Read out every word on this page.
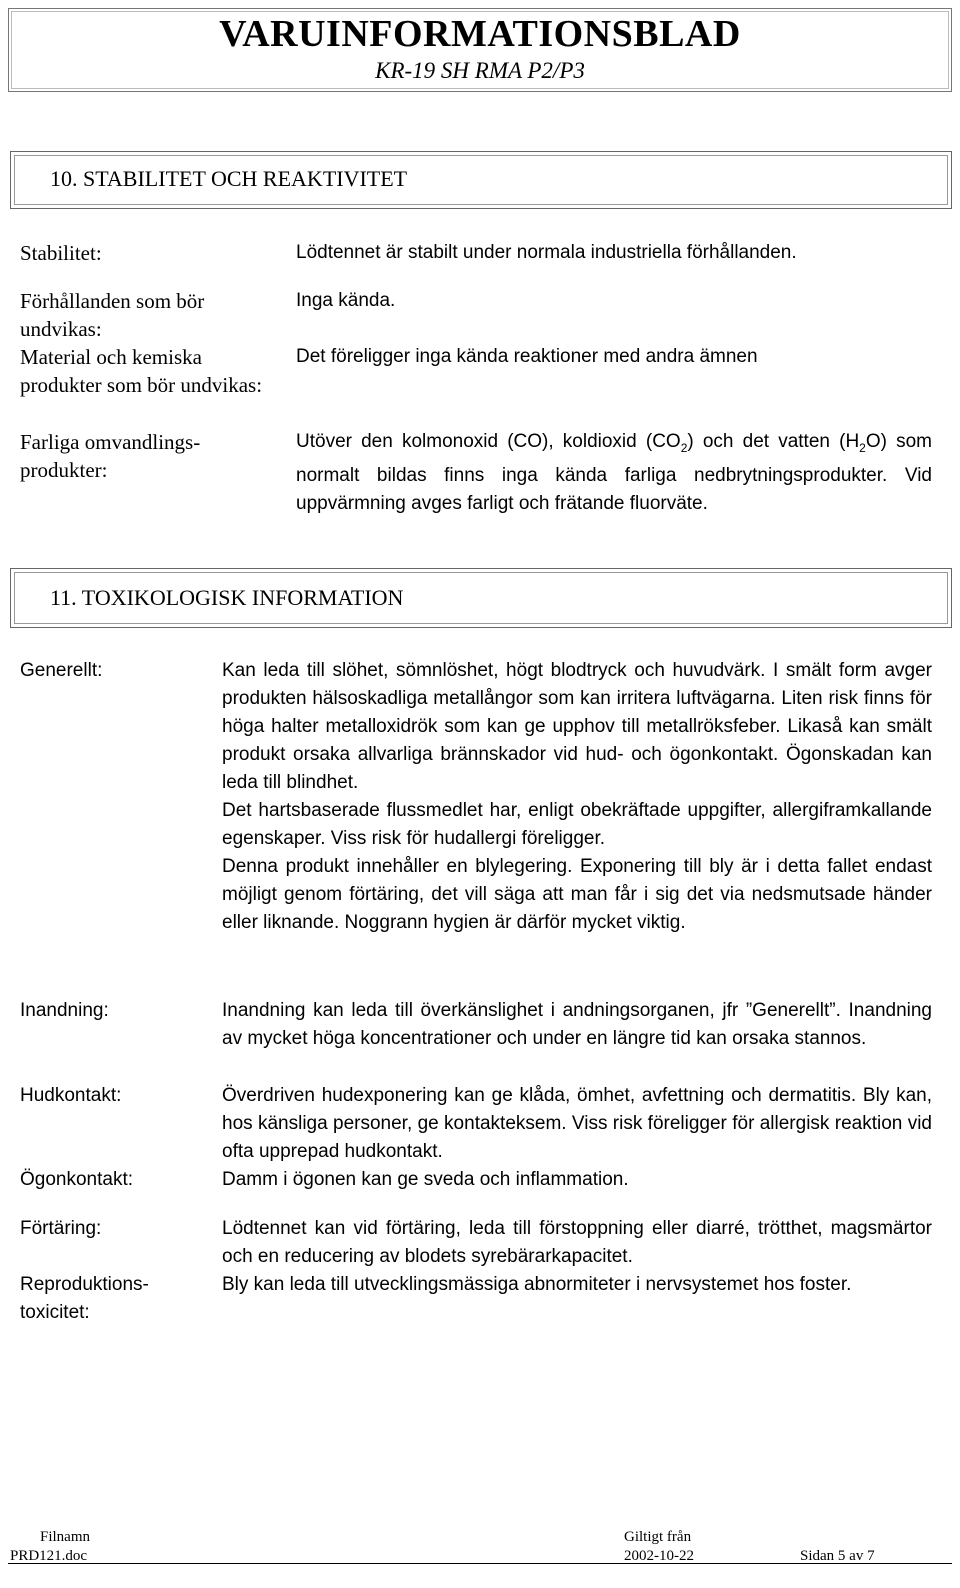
VARUINFORMATIONSBLAD
KR-19 SH RMA P2/P3
10. STABILITET OCH REAKTIVITET
Stabilitet:	Lödtennet är stabilt under normala industriella förhållanden.
Förhållanden som bör undvikas:
Inga kända.
Material och kemiska produkter som bör undvikas:
Det föreligger inga kända reaktioner med andra ämnen
Farliga omvandlings-produkter:
Utöver den kolmonoxid (CO), koldioxid $(CO_2)$ och det vatten $(H_2O)$ som normalt bildas finns inga kända farliga nedbrytningsprodukter. Vid uppvärmning avges farligt och frätande fluorväte.
11. TOXIKOLOGISK INFORMATION
Generellt:	Kan leda till slöhet, sömnlöshet, högt blodtryck och huvudvärk. I smält form avger produkten hälsoskadliga metallångor som kan irritera luftvägarna. Liten risk finns för höga halter metalloxidrök som kan ge upphov till metallröksfeber. Likaså kan smält produkt orsaka allvarliga brännskador vid hud- och ögonkontakt. Ögonskadan kan leda till blindhet.
Det hartsbaserade flussmedlet har, enligt obekräftade uppgifter, allergiframkallande egenskaper. Viss risk för hudallergi föreligger.
Denna produkt innehåller en blylegering. Exponering till bly är i detta fallet endast möjligt genom förtäring, det vill säga att man får i sig det via nedsmutsade händer eller liknande. Noggrann hygien är därför mycket viktig.
Inandning:	Inandning kan leda till överkänslighet i andningsorganen, jfr ”Generellt”. Inandning av mycket höga koncentrationer och under en längre tid kan orsaka stannos.
Hudkontakt:	Överdriven hudexponering kan ge klåda, ömhet, avfettning och dermatitis. Bly kan, hos känsliga personer, ge kontakteksem. Viss risk föreligger för allergisk reaktion vid ofta upprepad hudkontakt.
Ögonkontakt:	Damm i ögonen kan ge sveda och inflammation.
Förtäring:	Lödtennet kan vid förtäring, leda till förstoppning eller diarré, trötthet, magsmärtor och en reducering av blodets syrebärarkapacitet.
Reproduktions-toxicitet:
Bly kan leda till utvecklingsmässiga abnormiteter i nervsystemet hos foster.
Filnamn	Giltigt från
PRD121.doc	2002-10-22	Sidan 5 av 7
